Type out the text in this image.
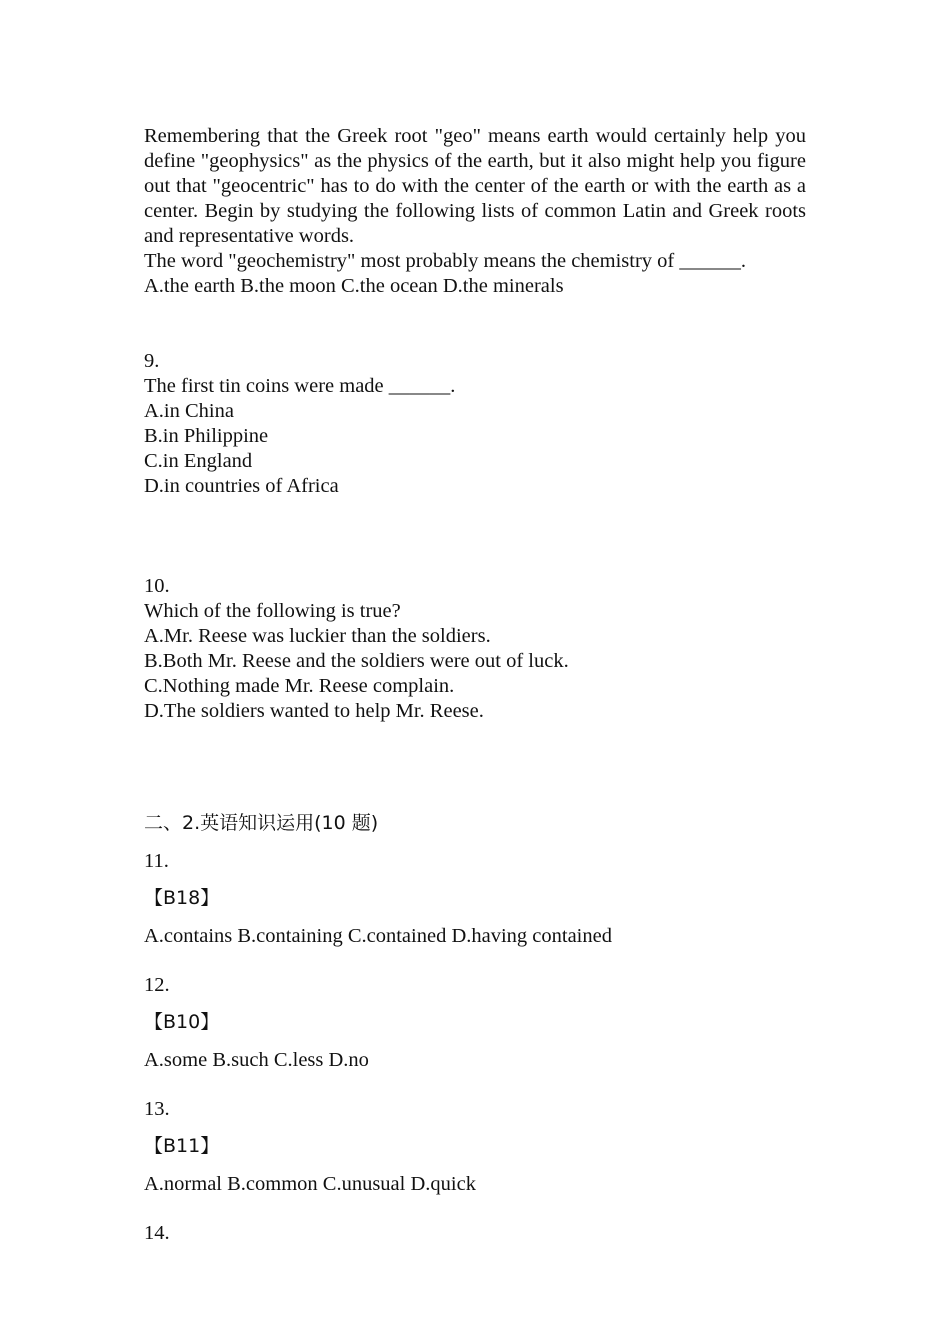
Remembering that the Greek root "geo" means earth would certainly help you define "geophysics" as the physics of the earth, but it also might help you figure out that "geocentric" has to do with the center of the earth or with the earth as a center. Begin by studying the following lists of common Latin and Greek roots and representative words.

The word "geochemistry" most probably means the chemistry of ______.

A.the earth B.the moon C.the ocean D.the minerals

9.

The first tin coins were made ______.

A.in China

B.in Philippine

C.in England

D.in countries of Africa

10.

Which of the following is true?

A.Mr. Reese was luckier than the soldiers.

B.Both Mr. Reese and the soldiers were out of luck.

C.Nothing made Mr. Reese complain.

D.The soldiers wanted to help Mr. Reese.

二、2.英语知识运用(10 题)

11.

【B18】

A.contains B.containing C.contained D.having contained

12.

【B10】

A.some B.such C.less D.no

13.

【B11】

A.normal B.common C.unusual D.quick

14.
